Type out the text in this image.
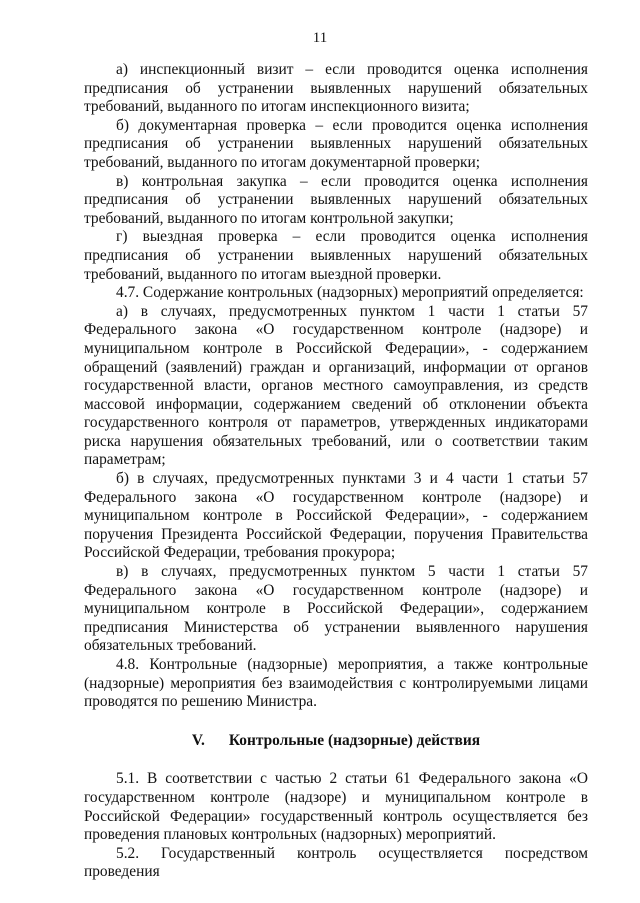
11

а) инспекционный визит – если проводится оценка исполнения предписания об устранении выявленных нарушений обязательных требований, выданного по итогам инспекционного визита;

б) документарная проверка – если проводится оценка исполнения предписания об устранении выявленных нарушений обязательных требований, выданного по итогам документарной проверки;

в) контрольная закупка – если проводится оценка исполнения предписания об устранении выявленных нарушений обязательных требований, выданного по итогам контрольной закупки;

г) выездная проверка – если проводится оценка исполнения предписания об устранении выявленных нарушений обязательных требований, выданного по итогам выездной проверки.

4.7. Содержание контрольных (надзорных) мероприятий определяется:

а) в случаях, предусмотренных пунктом 1 части 1 статьи 57 Федерального закона «О государственном контроле (надзоре) и муниципальном контроле в Российской Федерации», - содержанием обращений (заявлений) граждан и организаций, информации от органов государственной власти, органов местного самоуправления, из средств массовой информации, содержанием сведений об отклонении объекта государственного контроля от параметров, утвержденных индикаторами риска нарушения обязательных требований, или о соответствии таким параметрам;

б) в случаях, предусмотренных пунктами 3 и 4 части 1 статьи 57 Федерального закона «О государственном контроле (надзоре) и муниципальном контроле в Российской Федерации», - содержанием поручения Президента Российской Федерации, поручения Правительства Российской Федерации, требования прокурора;

в) в случаях, предусмотренных пунктом 5 части 1 статьи 57 Федерального закона «О государственном контроле (надзоре) и муниципальном контроле в Российской Федерации», содержанием предписания Министерства об устранении выявленного нарушения обязательных требований.

4.8. Контрольные (надзорные) мероприятия, а также контрольные (надзорные) мероприятия без взаимодействия с контролируемыми лицами проводятся по решению Министра.

V. Контрольные (надзорные) действия

5.1. В соответствии с частью 2 статьи 61 Федерального закона «О государственном контроле (надзоре) и муниципальном контроле в Российской Федерации» государственный контроль осуществляется без проведения плановых контрольных (надзорных) мероприятий.

5.2. Государственный контроль осуществляется посредством проведения
